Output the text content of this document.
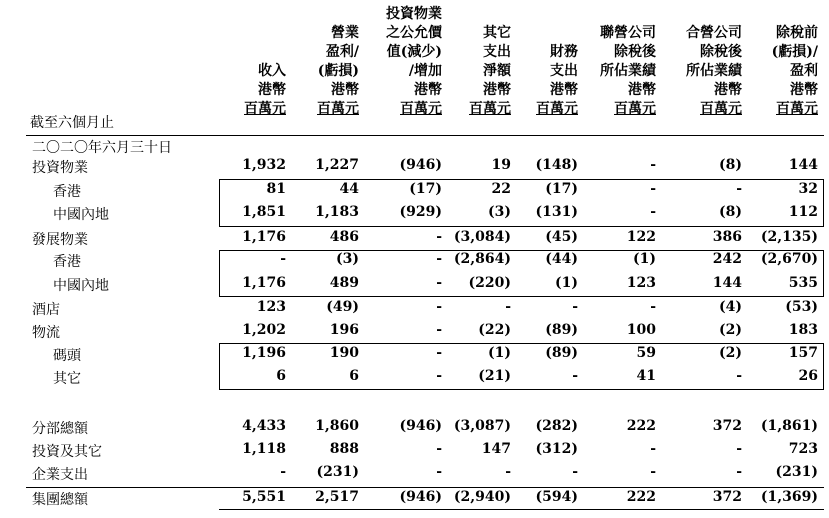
截至六個月止
收入
港幣
百萬元
營業
盈利/
(虧損)
港幣
百萬元
投資物業
之公允價
值(減少)
/增加
港幣
百萬元
其它
支出
淨額
港幣
百萬元
財務
支出
港幣
百萬元
聯營公司
除稅後
所佔業績
港幣
百萬元
合營公司
除稅後
所佔業績
港幣
百萬元
除稅前
(虧損)/
盈利
港幣
百萬元
二〇二〇年六月三十日
投資物業	1,932	1,227	(946)	19	(148)	-	(8)	144
香港	81	44	(17)	22	(17)	-	-	32
中國內地	1,851	1,183	(929)	(3)	(131)	-	(8)	112
發展物業	1,176	486	- (3,084)	(45)	122	386	(2,135)
香港	-	(3)	- (2,864)	(44)	(1)	242	(2,670)
中國內地	1,176	489	-	(220)	(1)	123	144	535
酒店	123	(49)	-	-	-	-	(4)	(53)
物流	1,202	196	-	(22)	(89)	100	(2)	183
碼頭	1,196	190	-	(1)	(89)	59	(2)	157
其它	6	6	-	(21)	-	41	-	26
分部總額	4,433	1,860	(946) (3,087)	(282)	222	372	(1,861)
投資及其它	1,118	888	-	147	(312)	-	-	723
企業支出	-	(231)	-	-	-	-	-	(231)
集團總額	5,551	2,517	(946) (2,940)	(594)	222	372	(1,369)
